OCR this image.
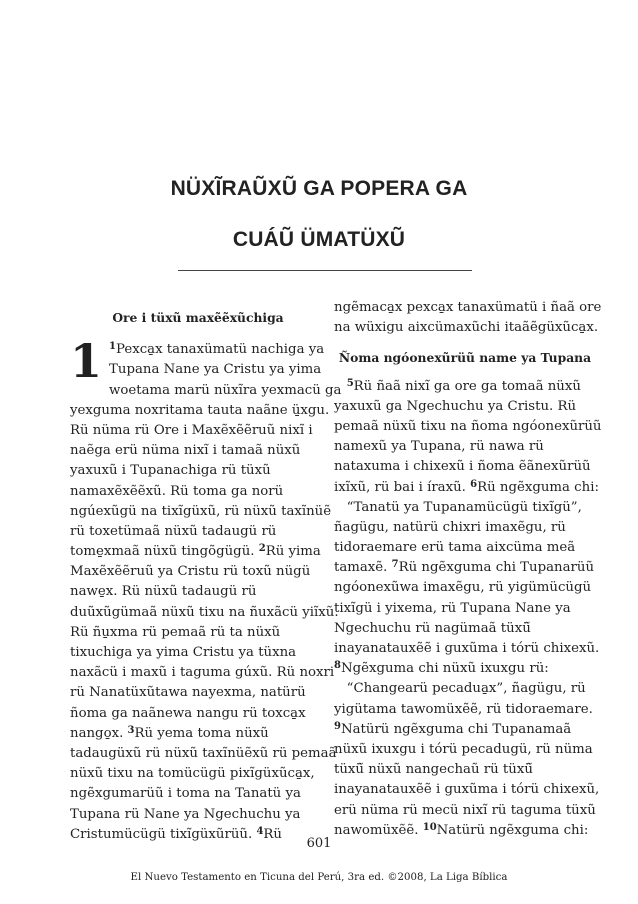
NÜXĨRAŨXŨ GA POPERA GA
CUÁŨ ÜMATÜXŨ
Ore i tüxũ maxẽẽxũchiga
1 $^1$Pexca̱x tanaxümatü nachiga ya
Tupana Nane ya Cristu ya yima
woetama marü nüxĩra yexmacü ga
yexguma noxritama tauta naãne ü̱xgu.
Rü nüma rü Ore i Maxẽxẽẽruũ nixĩ i
naẽga erü nüma nixĩ i tamaã nüxũ
yaxuxũ i Tupanachiga rü tüxũ
namaxẽxẽẽxũ. Rü toma ga norü
ngúexũgü na tixĩgüxũ, rü nüxũ taxĩnüẽ
rü toxetümaã nüxũ tadaugü rü
tome̱xmaã nüxũ tingõgügü. $^2$Rü yima
Maxẽxẽẽruũ ya Cristu rü toxũ nügü
nawe̱x. Rü nüxũ tadaugü rü
duũxũgümaã nüxũ tixu na ñuxãcü yiĩxũ.
Rü ñu̱xma rü pemaã rü ta nüxũ
tixuchiga ya yima Cristu ya tüxna
naxãcü i maxũ i taguma gúxũ. Rü noxri
rü Nanatüxũtawa nayexma, natürü
ñoma ga naãnewa nangu rü toxca̱x
nango̱x. $^3$Rü yema toma nüxũ
tadaugüxũ rü nüxũ taxĩnüẽxũ rü pemaã
nüxũ tixu na tomücügü pixĩgüxũca̱x,
ngẽxgumarüũ i toma na Tanatü ya
Tupana rü Nane ya Ngechuchu ya
Cristumücügü tixĩgüxũrüũ. $^4$Rü
ngẽmaca̱x pexca̱x tanaxümatü i ñaã ore
na wüxigu aixcümaxũchi itaãẽgüxũca̱x.
Ñoma ngóonexũrüũ name ya Tupana
$^5$Rü ñaã nixĩ ga ore ga tomaã nüxũ
yaxuxũ ga Ngechuchu ya Cristu. Rü
pemaã nüxũ tixu na ñoma ngóonexũrüũ
namexũ ya Tupana, rü nawa rü
nataxuma i chixexũ i ñoma ẽãnexũrüũ
ixĩxũ, rü bai i íraxũ. $^6$Rü ngẽxguma chi:
“Tanatü ya Tupanamücügü tixĩgü”,
ñagügu, natürü chixri imaxẽgu, rü
tidoraemare erü tama aixcüma meã
tamaxẽ. $^7$Rü ngẽxguma chi Tupanarüũ
ngóonexũwa imaxẽgu, rü yigümücügü
tixĩgü i yixema, rü Tupana Nane ya
Ngechuchu rü nagümaã tüxü̃
inayanatauxẽẽ i guxũma i tórü chixexũ.
$^8$Ngẽxguma chi nüxũ ixuxgu rü:
“Changearü pecadua̱x”, ñagügu, rü
yigütama tawomüxẽẽ, rü tidoraemare.
$^9$Natürü ngẽxguma chi Tupanamaã
nüxũ ixuxgu i tórü pecadugü, rü nüma
tüxü̃ nüxũ nangechaũ rü tüxü̃
inayanatauxẽẽ i guxũma i tórü chixexũ,
erü nüma rü mecü nixĩ rü taguma tüxũ
nawomüxẽẽ. $^{10}$Natürü ngẽxguma chi:
601
El Nuevo Testamento en Ticuna del Perú, 3ra ed. ©2008, La Liga Bíblica
